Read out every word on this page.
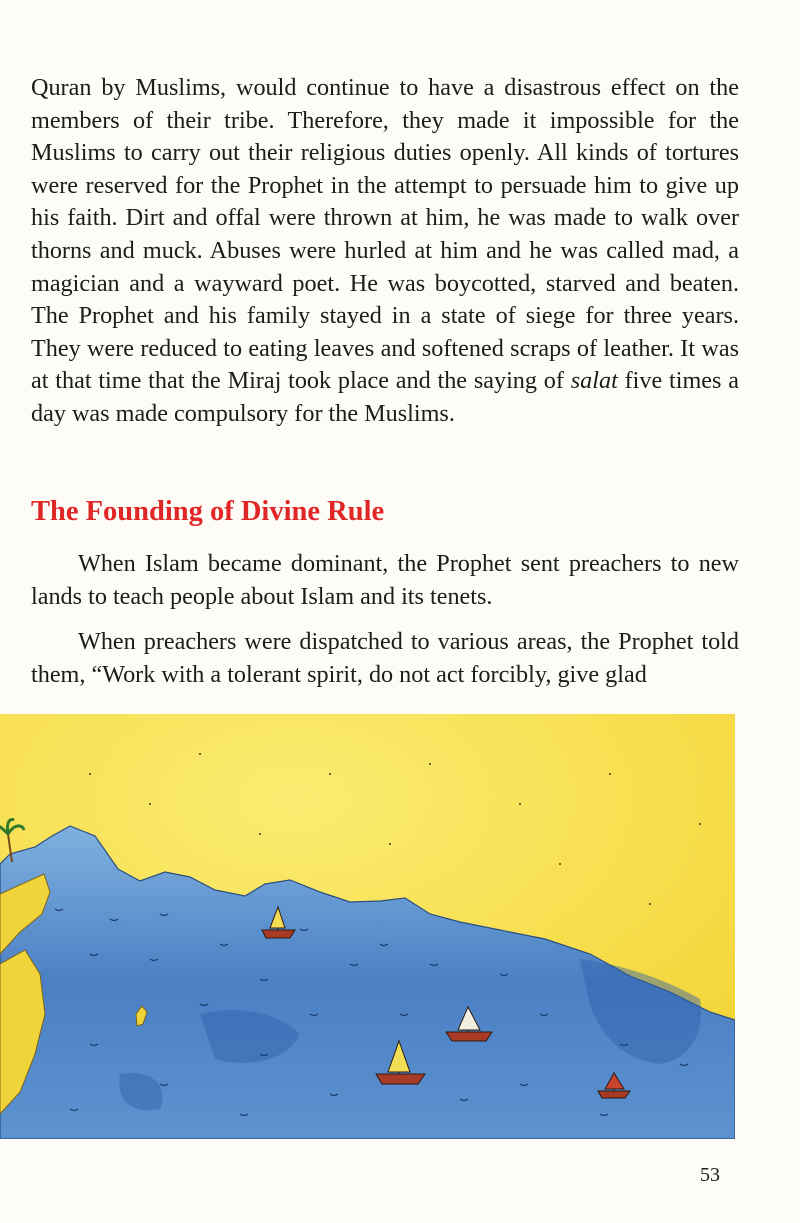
Quran by Muslims, would continue to have a disastrous effect on the members of their tribe. Therefore, they made it impossible for the Muslims to carry out their religious duties openly. All kinds of tortures were reserved for the Prophet in the attempt to persuade him to give up his faith. Dirt and offal were thrown at him, he was made to walk over thorns and muck. Abuses were hurled at him and he was called mad, a magician and a wayward poet. He was boycotted, starved and beaten. The Prophet and his family stayed in a state of siege for three years. They were reduced to eating leaves and softened scraps of leather. It was at that time that the Miraj took place and the saying of salat five times a day was made compulsory for the Muslims.

The Founding of Divine Rule

When Islam became dominant, the Prophet sent preachers to new lands to teach people about Islam and its tenets.

When preachers were dispatched to various areas, the Prophet told them, “Work with a tolerant spirit, do not act forcibly, give glad

53
